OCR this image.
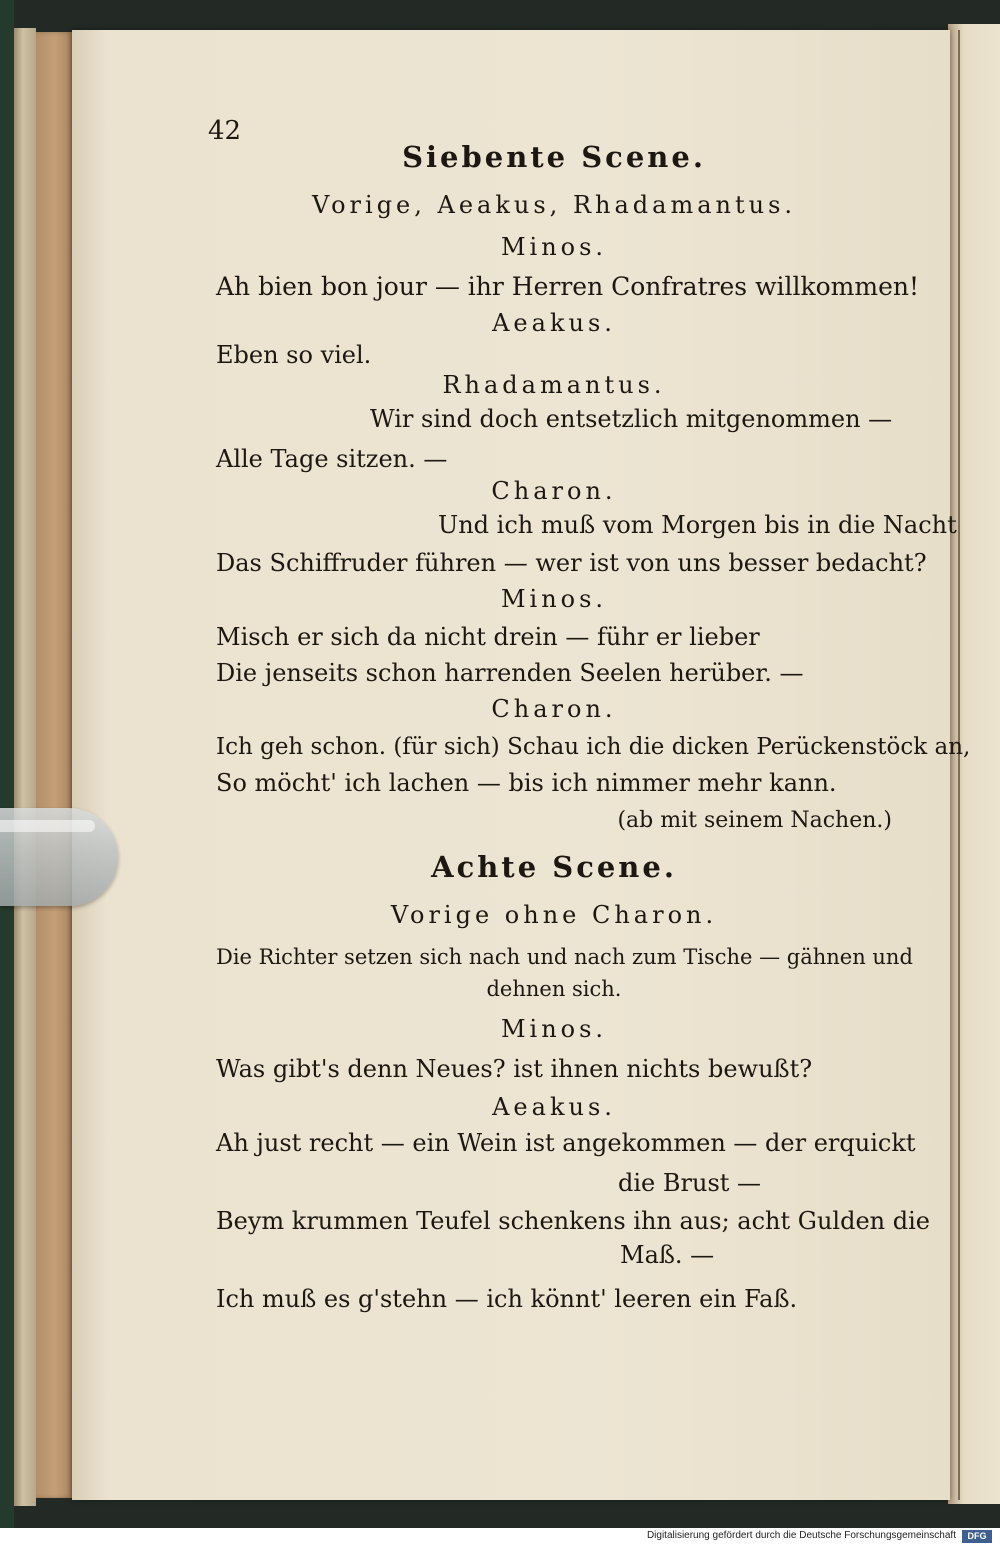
42
Siebente Scene.
Vorige, Aeakus, Rhadamantus.
Minos.
Ah bien bon jour — ihr Herren Confratres willkommen!
Aeakus.
Eben so viel.
Rhadamantus.
Wir sind doch entsetzlich mitgenommen —
Alle Tage sitzen. —
Charon.
Und ich muß vom Morgen bis in die Nacht
Das Schiffruder führen — wer ist von uns besser bedacht?
Minos.
Misch er sich da nicht drein — führ er lieber
Die jenseits schon harrenden Seelen herüber. —
Charon.
Ich geh schon. (für sich) Schau ich die dicken Perückenstöck an,
So möcht' ich lachen — bis ich nimmer mehr kann.
(ab mit seinem Nachen.)
Achte Scene.
Vorige ohne Charon.
Die Richter setzen sich nach und nach zum Tische — gähnen und
dehnen sich.
Minos.
Was gibt's denn Neues? ist ihnen nichts bewußt?
Aeakus.
Ah just recht — ein Wein ist angekommen — der erquickt
die Brust —
Beym krummen Teufel schenkens ihn aus; acht Gulden die
Maß. —
Ich muß es g'stehn — ich könnt' leeren ein Faß.
Digitalisierung gefördert durch die Deutsche Forschungsgemeinschaft	DFG
